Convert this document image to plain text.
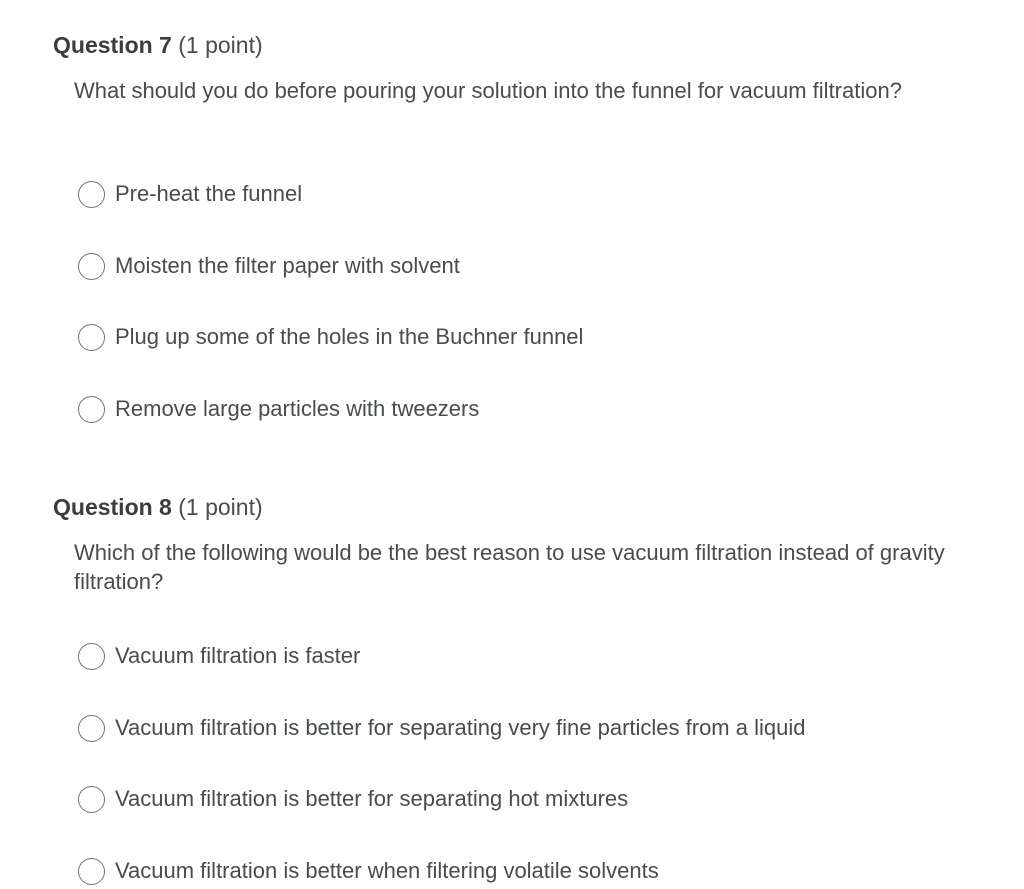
Question 7 (1 point)
What should you do before pouring your solution into the funnel for vacuum filtration?
Pre-heat the funnel
Moisten the filter paper with solvent
Plug up some of the holes in the Buchner funnel
Remove large particles with tweezers
Question 8 (1 point)
Which of the following would be the best reason to use vacuum filtration instead of gravity filtration?
Vacuum filtration is faster
Vacuum filtration is better for separating very fine particles from a liquid
Vacuum filtration is better for separating hot mixtures
Vacuum filtration is better when filtering volatile solvents
